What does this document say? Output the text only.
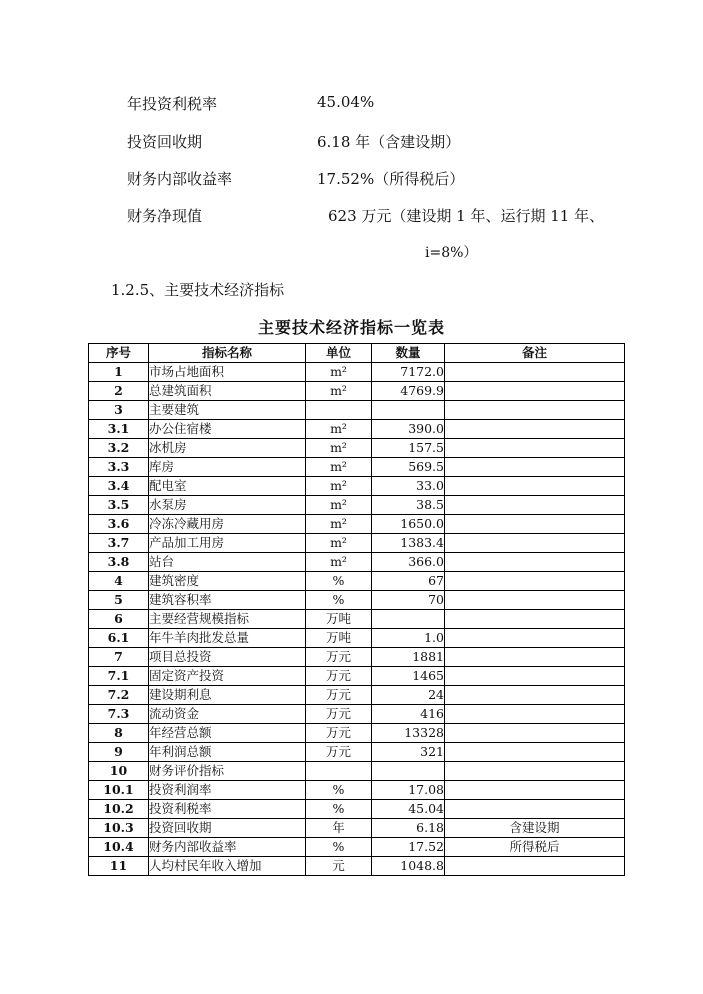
年投资利税率	45.04%
投资回收期	6.18 年（含建设期）
财务内部收益率	17.52%（所得税后）
财务净现值	623 万元（建设期 1 年、运行期 11 年、
i=8%）
1.2.5、主要技术经济指标
主要技术经济指标一览表
序号	指标名称	单位	数量	备注
1	市场占地面积	m²	7172.0	
2	总建筑面积	m²	4769.9	
3	主要建筑			
3.1	办公住宿楼	m²	390.0	
3.2	冰机房	m²	157.5	
3.3	库房	m²	569.5	
3.4	配电室	m²	33.0	
3.5	水泵房	m²	38.5	
3.6	冷冻冷藏用房	m²	1650.0	
3.7	产品加工用房	m²	1383.4	
3.8	站台	m²	366.0	
4	建筑密度	%	67	
5	建筑容积率	%	70	
6	主要经营规模指标	万吨		
6.1	年牛羊肉批发总量	万吨	1.0	
7	项目总投资	万元	1881	
7.1	固定资产投资	万元	1465	
7.2	建设期利息	万元	24	
7.3	流动资金	万元	416	
8	年经营总额	万元	13328	
9	年利润总额	万元	321	
10	财务评价指标			
10.1	投资利润率	%	17.08	
10.2	投资利税率	%	45.04	
10.3	投资回收期	年	6.18	含建设期
10.4	财务内部收益率	%	17.52	所得税后
11	人均村民年收入增加	元	1048.8	
